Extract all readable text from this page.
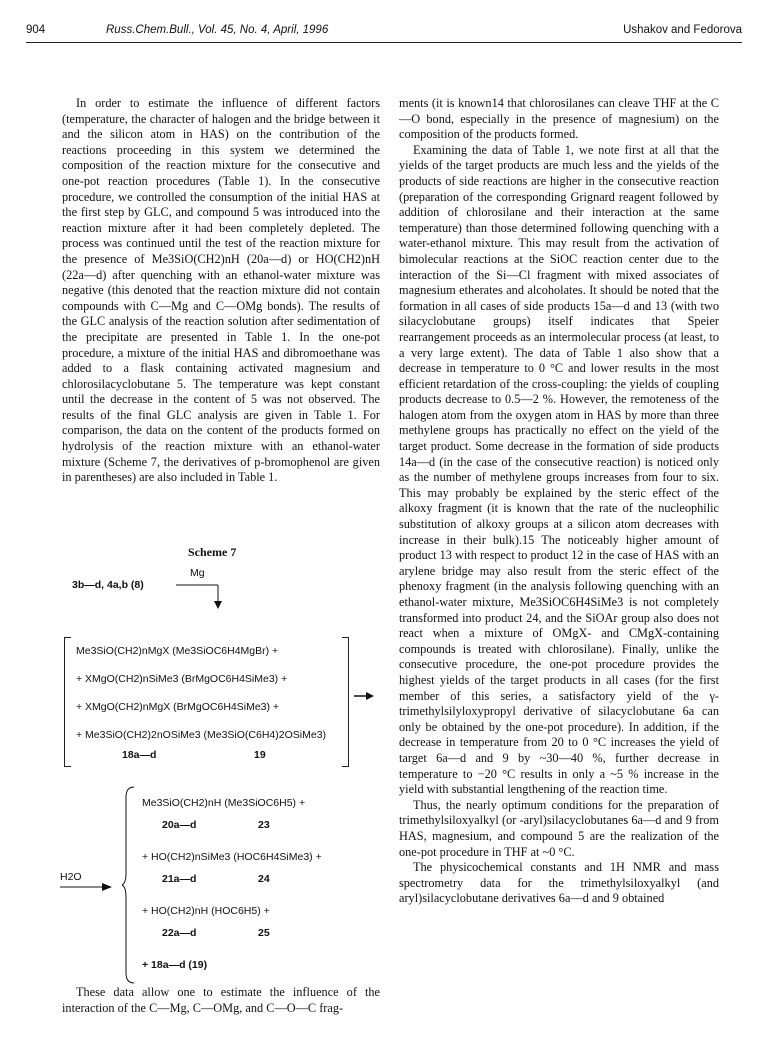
904	Russ.Chem.Bull., Vol. 45, No. 4, April, 1996	Ushakov and Fedorova

In order to estimate the influence of different factors (temperature, the character of halogen and the bridge between it and the silicon atom in HAS) on the contribution of the reactions proceeding in this system we determined the composition of the reaction mixture for the consecutive and one-pot reaction procedures (Table 1). In the consecutive procedure, we controlled the consumption of the initial HAS at the first step by GLC, and compound 5 was introduced into the reaction mixture after it had been completely depleted. The process was continued until the test of the reaction mixture for the presence of Me3SiO(CH2)nH (20a—d) or HO(CH2)nH (22a—d) after quenching with an ethanol-water mixture was negative (this denoted that the reaction mixture did not contain compounds with C—Mg and C—OMg bonds). The results of the GLC analysis of the reaction solution after sedimentation of the precipitate are presented in Table 1. In the one-pot procedure, a mixture of the initial HAS and dibromoethane was added to a flask containing activated magnesium and chlorosilacyclobutane 5. The temperature was kept constant until the decrease in the content of 5 was not observed. The results of the final GLC analysis are given in Table 1. For comparison, the data on the content of the products formed on hydrolysis of the reaction mixture with an ethanol-water mixture (Scheme 7, the derivatives of p-bromophenol are given in parentheses) are also included in Table 1.

Scheme 7
Mg
3b—d, 4a,b (8)
Me3SiO(CH2)nMgX (Me3SiOC6H4MgBr) +
+ XMgO(CH2)nSiMe3 (BrMgOC6H4SiMe3) +
+ XMgO(CH2)nMgX (BrMgOC6H4SiMe3) +
+ Me3SiO(CH2)2nOSiMe3 (Me3SiO(C6H4)2OSiMe3)
18a—d	19
H2O
Me3SiO(CH2)nH (Me3SiOC6H5) +
20a—d	23
+ HO(CH2)nSiMe3 (HOC6H4SiMe3) +
21a—d	24
+ HO(CH2)nH (HOC6H5) +
22a—d	25
+ 18a—d (19)

These data allow one to estimate the influence of the interaction of the C—Mg, C—OMg, and C—O—C frag-

ments (it is known14 that chlorosilanes can cleave THF at the C—O bond, especially in the presence of magnesium) on the composition of the products formed.

Examining the data of Table 1, we note first at all that the yields of the target products are much less and the yields of the products of side reactions are higher in the consecutive reaction (preparation of the corresponding Grignard reagent followed by addition of chlorosilane and their interaction at the same temperature) than those determined following quenching with a water-ethanol mixture. This may result from the activation of bimolecular reactions at the SiOC reaction center due to the interaction of the Si—Cl fragment with mixed associates of magnesium etherates and alcoholates. It should be noted that the formation in all cases of side products 15a—d and 13 (with two silacyclobutane groups) itself indicates that Speier rearrangement proceeds as an intermolecular process (at least, to a very large extent). The data of Table 1 also show that a decrease in temperature to 0 °C and lower results in the most efficient retardation of the cross-coupling: the yields of coupling products decrease to 0.5—2 %. However, the remoteness of the halogen atom from the oxygen atom in HAS by more than three methylene groups has practically no effect on the yield of the target product. Some decrease in the formation of side products 14a—d (in the case of the consecutive reaction) is noticed only as the number of methylene groups increases from four to six. This may probably be explained by the steric effect of the alkoxy fragment (it is known that the rate of the nucleophilic substitution of alkoxy groups at a silicon atom decreases with increase in their bulk).15 The noticeably higher amount of product 13 with respect to product 12 in the case of HAS with an arylene bridge may also result from the steric effect of the phenoxy fragment (in the analysis following quenching with an ethanol-water mixture, Me3SiOC6H4SiMe3 is not completely transformed into product 24, and the SiOAr group also does not react when a mixture of OMgX- and CMgX-containing compounds is treated with chlorosilane). Finally, unlike the consecutive procedure, the one-pot procedure provides the highest yields of the target products in all cases (for the first member of this series, a satisfactory yield of the γ-trimethylsilyloxypropyl derivative of silacyclobutane 6a can only be obtained by the one-pot procedure). In addition, if the decrease in temperature from 20 to 0 °C increases the yield of target 6a—d and 9 by ~30—40 %, further decrease in temperature to −20 °C results in only a ~5 % increase in the yield with substantial lengthening of the reaction time.

Thus, the nearly optimum conditions for the preparation of trimethylsiloxyalkyl (or -aryl)silacyclobutanes 6a—d and 9 from HAS, magnesium, and compound 5 are the realization of the one-pot procedure in THF at ~0 °C.

The physicochemical constants and 1H NMR and mass spectrometry data for the trimethylsiloxyalkyl (and aryl)silacyclobutane derivatives 6a—d and 9 obtained
